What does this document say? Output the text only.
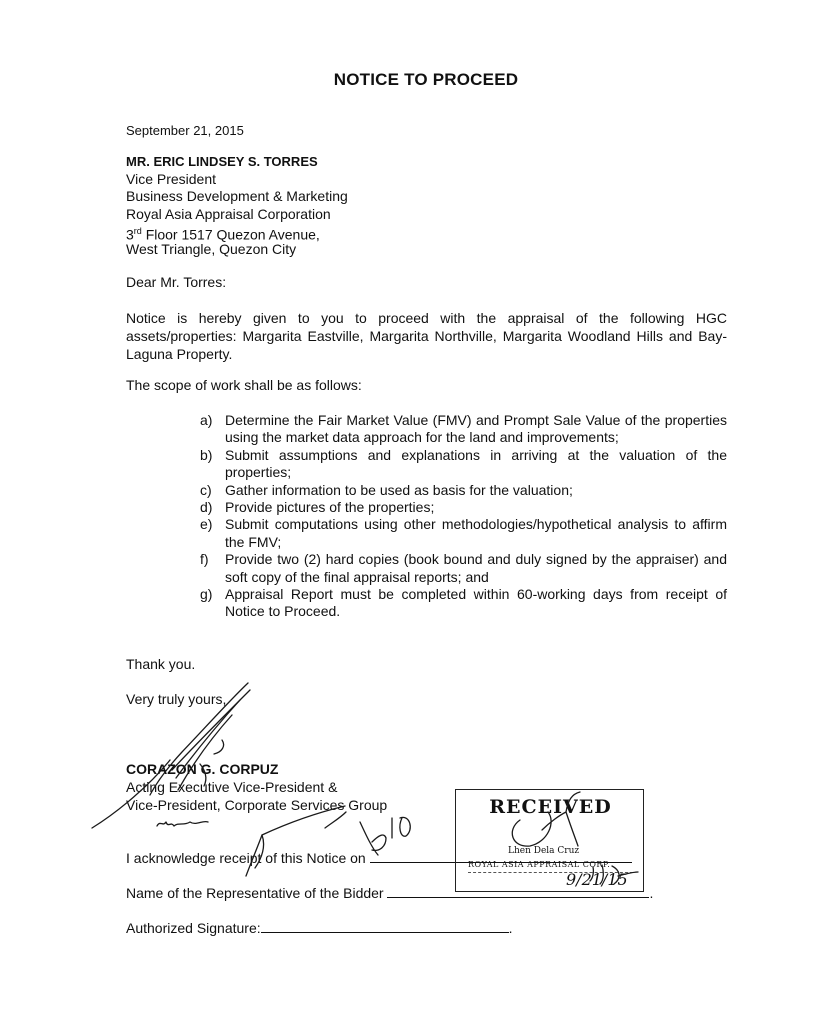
NOTICE TO PROCEED
September 21, 2015
MR. ERIC LINDSEY S. TORRES
Vice President
Business Development & Marketing
Royal Asia Appraisal Corporation
3rd Floor 1517 Quezon Avenue,
West Triangle, Quezon City
Dear Mr. Torres:
Notice is hereby given to you to proceed with the appraisal of the following HGC assets/properties: Margarita Eastville, Margarita Northville, Margarita Woodland Hills and Bay-Laguna Property.
The scope of work shall be as follows:
a) Determine the Fair Market Value (FMV) and Prompt Sale Value of the properties using the market data approach for the land and improvements;
b) Submit assumptions and explanations in arriving at the valuation of the properties;
c) Gather information to be used as basis for the valuation;
d) Provide pictures of the properties;
e) Submit computations using other methodologies/hypothetical analysis to affirm the FMV;
f)	Provide two (2) hard copies (book bound and duly signed by the appraiser) and soft copy of the final appraisal reports; and
g) Appraisal Report must be completed within 60-working days from receipt of Notice to Proceed.
Thank you.
Very truly yours,
CORAZON G. CORPUZ
Acting Executive Vice-President &
Vice-President, Corporate Services Group
I acknowledge receipt of this Notice on
Name of the Representative of the Bidder	.
Authorized Signature:	.
RECEIVED
Lhen Dela Cruz
ROYAL ASIA APPRAISAL CORP.
9/21/15
